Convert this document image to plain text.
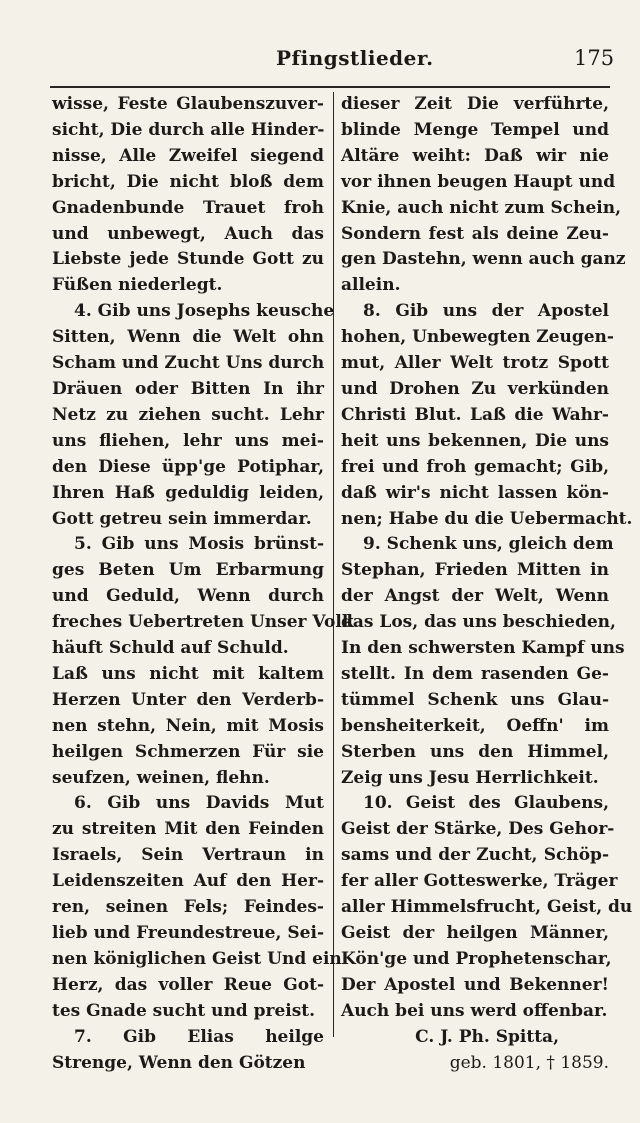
Pfingstlieder.	175
wisse, Feste Glaubenszuver-
sicht, Die durch alle Hinder-
nisse, Alle Zweifel siegend
bricht, Die nicht bloß dem
Gnadenbunde Trauet froh
und unbewegt, Auch das
Liebste jede Stunde Gott zu
Füßen niederlegt.
4. Gib uns Josephs keusche
Sitten, Wenn die Welt ohn
Scham und Zucht Uns durch
Dräuen oder Bitten In ihr
Netz zu ziehen sucht. Lehr
uns fliehen, lehr uns mei-
den Diese üpp'ge Potiphar,
Ihren Haß geduldig leiden,
Gott getreu sein immerdar.
5. Gib uns Mosis brünst-
ges Beten Um Erbarmung
und Geduld, Wenn durch
freches Uebertreten Unser Volk
häuft Schuld auf Schuld.
Laß uns nicht mit kaltem
Herzen Unter den Verderb-
nen stehn, Nein, mit Mosis
heilgen Schmerzen Für sie
seufzen, weinen, flehn.
6. Gib uns Davids Mut
zu streiten Mit den Feinden
Israels, Sein Vertraun in
Leidenszeiten Auf den Her-
ren, seinen Fels; Feindes-
lieb und Freundestreue, Sei-
nen königlichen Geist Und ein
Herz, das voller Reue Got-
tes Gnade sucht und preist.
7. Gib Elias heilge
Strenge, Wenn den Götzen
dieser Zeit Die verführte,
blinde Menge Tempel und
Altäre weiht: Daß wir nie
vor ihnen beugen Haupt und
Knie, auch nicht zum Schein,
Sondern fest als deine Zeu-
gen Dastehn, wenn auch ganz
allein.
8. Gib uns der Apostel
hohen, Unbewegten Zeugen-
mut, Aller Welt trotz Spott
und Drohen Zu verkünden
Christi Blut. Laß die Wahr-
heit uns bekennen, Die uns
frei und froh gemacht; Gib,
daß wir's nicht lassen kön-
nen; Habe du die Uebermacht.
9. Schenk uns, gleich dem
Stephan, Frieden Mitten in
der Angst der Welt, Wenn
das Los, das uns beschieden,
In den schwersten Kampf uns
stellt. In dem rasenden Ge-
tümmel Schenk uns Glau-
bensheiterkeit, Oeffn' im
Sterben uns den Himmel,
Zeig uns Jesu Herrlichkeit.
10. Geist des Glaubens,
Geist der Stärke, Des Gehor-
sams und der Zucht, Schöp-
fer aller Gotteswerke, Träger
aller Himmelsfrucht, Geist, du
Geist der heilgen Männer,
Kön'ge und Prophetenschar,
Der Apostel und Bekenner!
Auch bei uns werd offenbar.
C. J. Ph. Spitta,
geb. 1801, † 1859.
